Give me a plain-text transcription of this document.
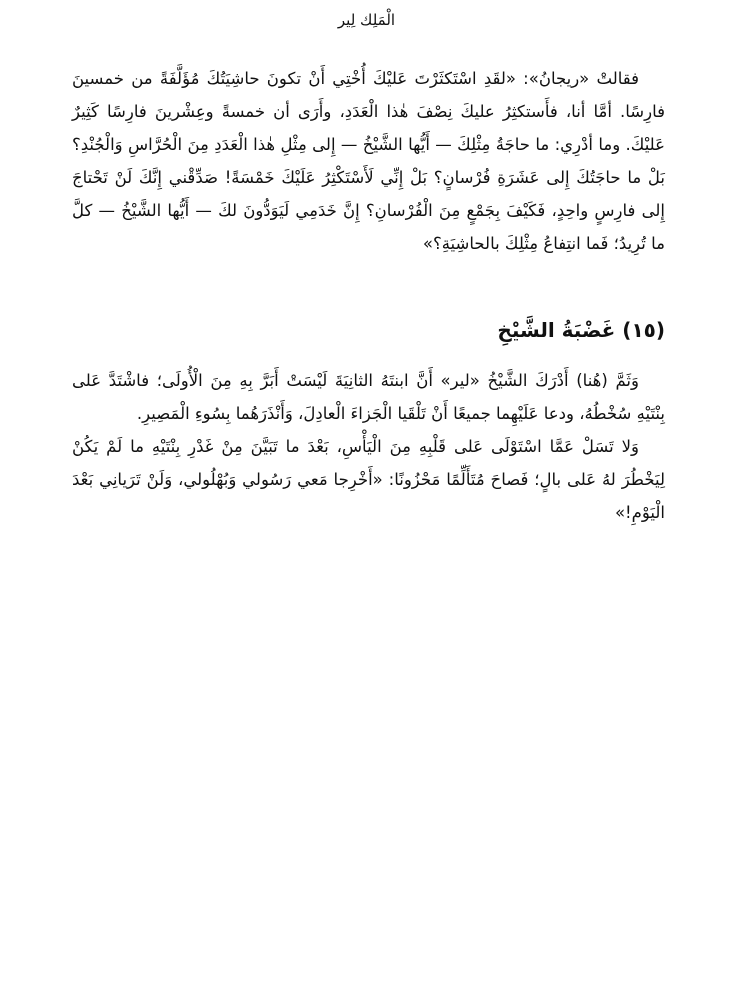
الْمَلِك لِير

فقالتْ «ريجانُ»: «لقَدِ اسْتَكثَرْتَ عَليْكَ أُخْتِي أَنْ تكونَ حاشِيَتُكَ مُؤَلَّفَةً من خمسينَ فارِسًا. أمَّا أنا، فأَستكثِرُ عليكَ نِصْفَ هٰذا الْعَدَدِ، وأَرَى أن خمسةً وعِشْرينَ فارِسًا كَثِيرٌ عَليْكَ. وما أدْرِي: ما حاجَةُ مِثْلِكَ — أَيُّها الشَّيْخُ — إِلى مِثْلِ هٰذا الْعَدَدِ مِنَ الْحُرَّاسِ وَالْجُنْدِ؟ بَلْ ما حاجَتُكَ إِلى عَشَرَةِ فُرْسانٍ؟ بَلْ إِنِّي لَأَسْتَكْثِرُ عَلَيْكَ خَمْسَةً! صَدِّقْني إِنَّكَ لَنْ تَحْتاجَ إِلى فارِسٍ واحِدٍ، فَكَيْفَ بِجَمْعٍ مِنَ الْفُرْسانِ؟ إِنَّ خَدَمِي لَيَوَدُّونَ لكَ — أَيُّها الشَّيْخُ — كلَّ ما تُرِيدُ؛ فَما انتِفاعُ مِثْلِكَ بالحاشِيَةِ؟»

(١٥) غَضْبَةُ الشَّيْخِ

وَثَمَّ (هُنا) أَدْرَكَ الشَّيْخُ «لير» أَنَّ ابنتَهُ الثانِيَةَ لَيْسَتْ أَبَرَّ بِهِ مِنَ الْأُولَى؛ فاشْتَدَّ عَلى بِنْتَيْهِ سُخْطُهُ، ودعا عَلَيْهِما جميعًا أَنْ تَلْقَيا الْجَزاءَ الْعادِلَ، وَأَنْذَرَهُما بِسُوءِ الْمَصِيرِ.

وَلا تَسَلْ عَمَّا اسْتَوْلَى عَلى قَلْبِهِ مِنَ الْيَأْسِ، بَعْدَ ما تَبَيَّنَ مِنْ غَدْرِ بِنْتَيْهِ ما لَمْ يَكُنْ لِيَخْطُرَ لهُ عَلى بالٍ؛ فَصاحَ مُتَأَلِّمًا مَحْزُونًا: «أَخْرِجا مَعي رَسُولي وَبُهْلُولي، وَلَنْ تَرَيانِي بَعْدَ الْيَوْمِ!»
